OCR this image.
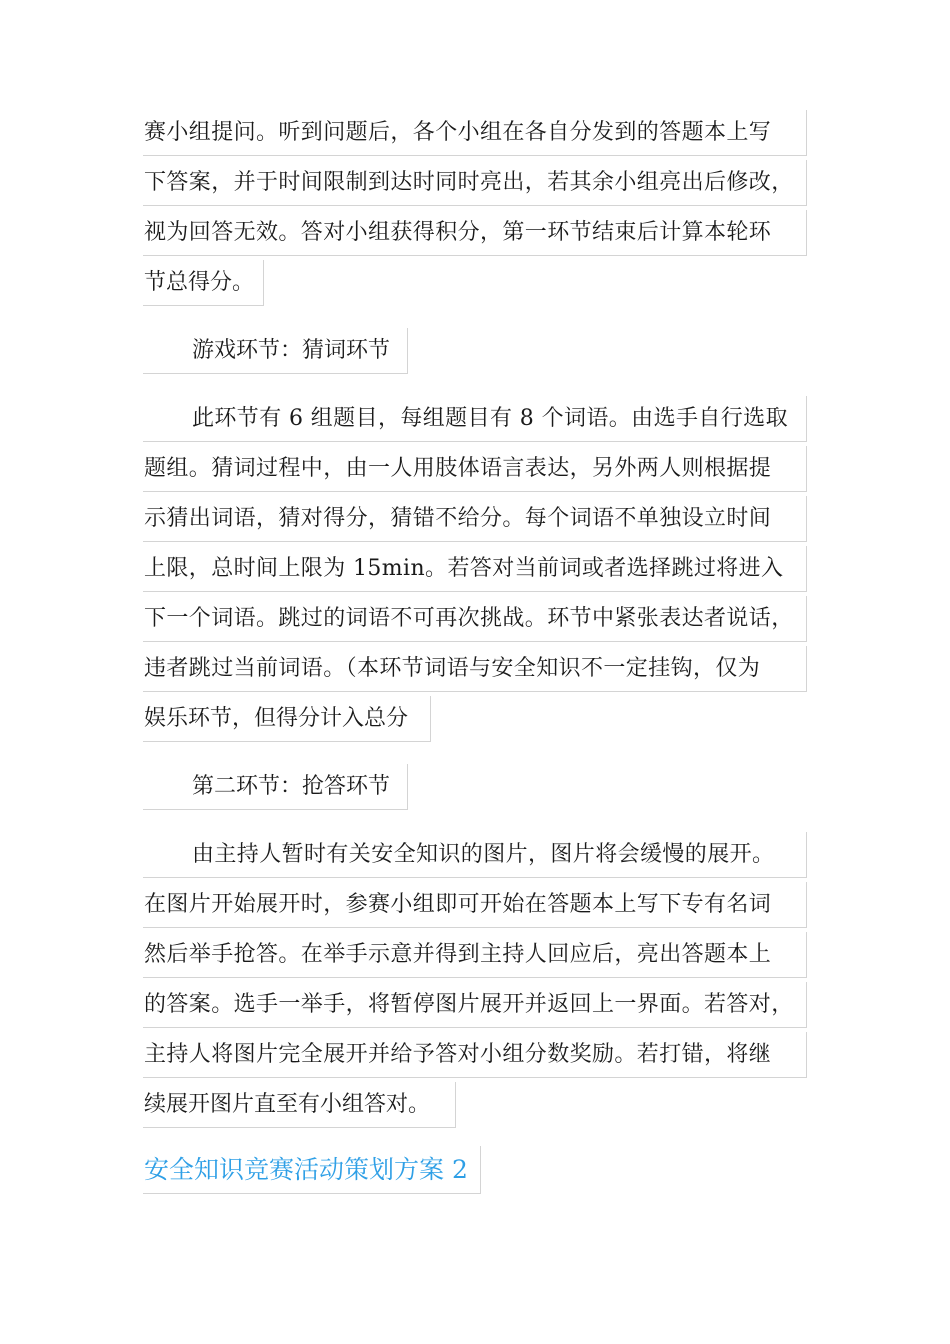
赛小组提问。听到问题后，各个小组在各自分发到的答题本上写
下答案，并于时间限制到达时同时亮出，若其余小组亮出后修改，
视为回答无效。答对小组获得积分，第一环节结束后计算本轮环
节总得分。
游戏环节：猜词环节
此环节有 6 组题目，每组题目有 8 个词语。由选手自行选取
题组。猜词过程中，由一人用肢体语言表达，另外两人则根据提
示猜出词语，猜对得分，猜错不给分。每个词语不单独设立时间
上限，总时间上限为 15min。若答对当前词或者选择跳过将进入
下一个词语。跳过的词语不可再次挑战。环节中紧张表达者说话，
违者跳过当前词语。（本环节词语与安全知识不一定挂钩，仅为
娱乐环节，但得分计入总分
第二环节：抢答环节
由主持人暂时有关安全知识的图片，图片将会缓慢的展开。
在图片开始展开时，参赛小组即可开始在答题本上写下专有名词
然后举手抢答。在举手示意并得到主持人回应后，亮出答题本上
的答案。选手一举手，将暂停图片展开并返回上一界面。若答对，
主持人将图片完全展开并给予答对小组分数奖励。若打错，将继
续展开图片直至有小组答对。
安全知识竞赛活动策划方案 2
